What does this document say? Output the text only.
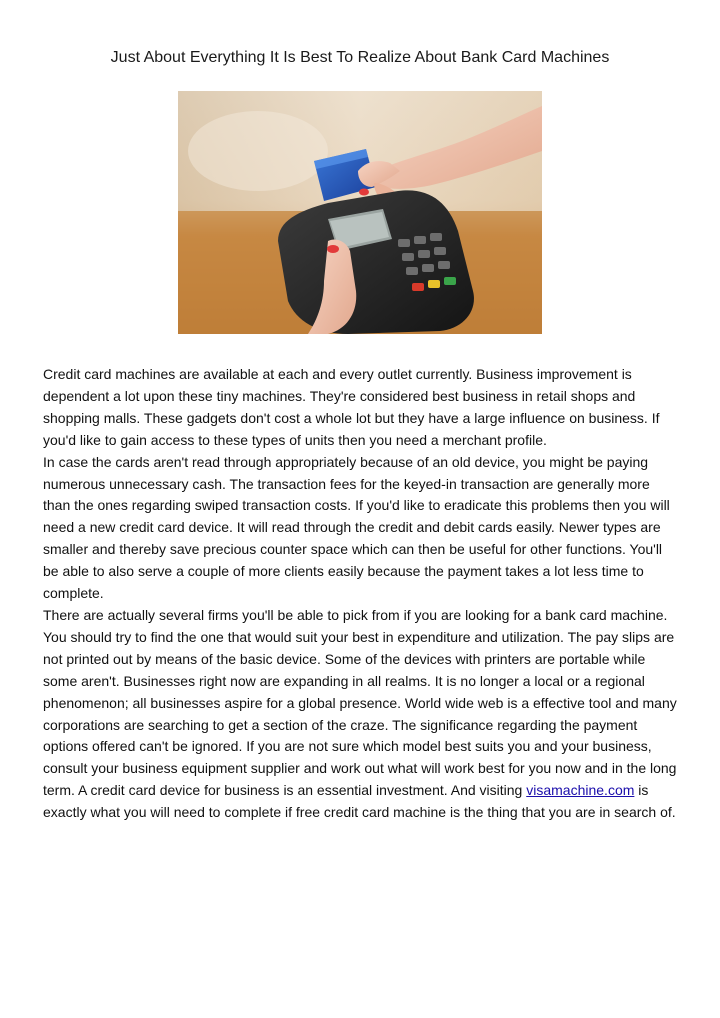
Just About Everything It Is Best To Realize About Bank Card Machines

Credit card machines are available at each and every outlet currently. Business improvement is dependent a lot upon these tiny machines. They're considered best business in retail shops and shopping malls. These gadgets don't cost a whole lot but they have a large influence on business. If you'd like to gain access to these types of units then you need a merchant profile.

In case the cards aren't read through appropriately because of an old device, you might be paying numerous unnecessary cash. The transaction fees for the keyed-in transaction are generally more than the ones regarding swiped transaction costs. If you'd like to eradicate this problems then you will need a new credit card device. It will read through the credit and debit cards easily. Newer types are smaller and thereby save precious counter space which can then be useful for other functions. You'll be able to also serve a couple of more clients easily because the payment takes a lot less time to complete.

There are actually several firms you'll be able to pick from if you are looking for a bank card machine. You should try to find the one that would suit your best in expenditure and utilization. The pay slips are not printed out by means of the basic device. Some of the devices with printers are portable while some aren't. Businesses right now are expanding in all realms. It is no longer a local or a regional phenomenon; all businesses aspire for a global presence. World wide web is a effective tool and many corporations are searching to get a section of the craze. The significance regarding the payment options offered can't be ignored. If you are not sure which model best suits you and your business, consult your business equipment supplier and work out what will work best for you now and in the long term. A credit card device for business is an essential investment. And visiting visamachine.com is exactly what you will need to complete if free credit card machine is the thing that you are in search of.
